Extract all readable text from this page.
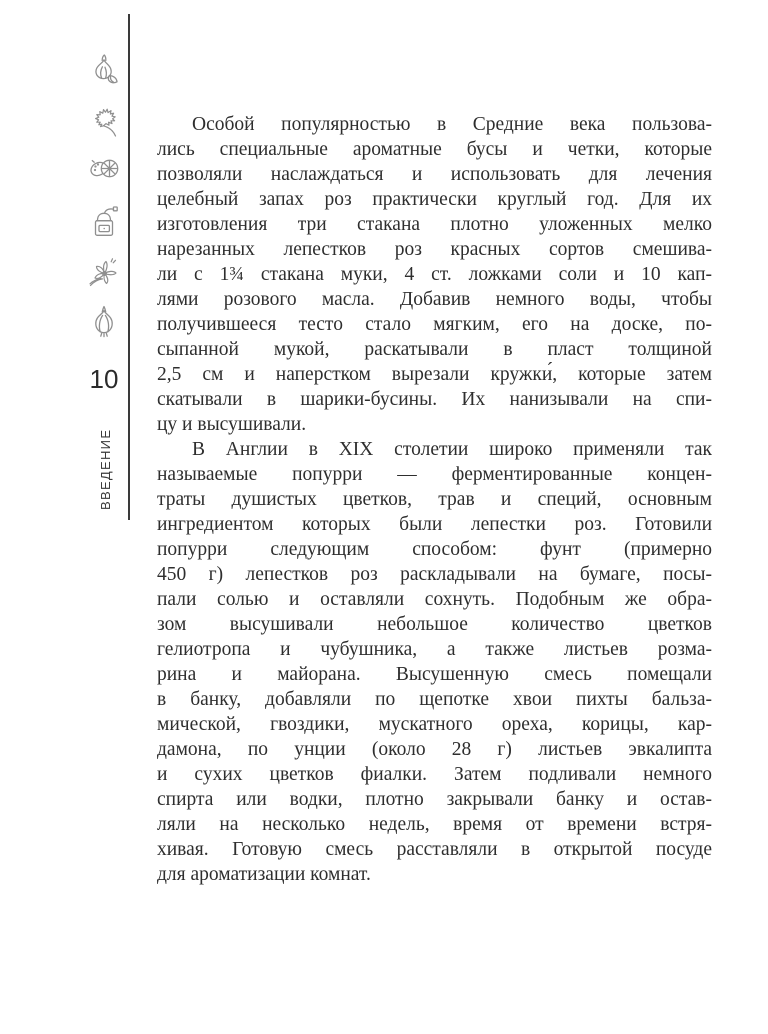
10
ВВЕДЕНИЕ
Особой популярностью в Средние века пользова-
лись специальные ароматные бусы и четки, которые
позволяли наслаждаться и использовать для лечения
целебный запах роз практически круглый год. Для их
изготовления три стакана плотно уложенных мелко
нарезанных лепестков роз красных сортов смешива-
ли с 1¾ стакана муки, 4 ст. ложками соли и 10 кап-
лями розового масла. Добавив немного воды, чтобы
получившееся тесто стало мягким, его на доске, по-
сыпанной мукой, раскатывали в пласт толщиной
2,5 см и наперстком вырезали кружки́, которые затем
скатывали в шарики-бусины. Их нанизывали на спи-
цу и высушивали.
В Англии в XIX столетии широко применяли так
называемые попурри — ферментированные концен-
траты душистых цветков, трав и специй, основным
ингредиентом которых были лепестки роз. Готовили
попурри следующим способом: фунт (примерно
450 г) лепестков роз раскладывали на бумаге, посы-
пали солью и оставляли сохнуть. Подобным же обра-
зом высушивали небольшое количество цветков
гелиотропа и чубушника, а также листьев розма-
рина и майорана. Высушенную смесь помещали
в банку, добавляли по щепотке хвои пихты бальза-
мической, гвоздики, мускатного ореха, корицы, кар-
дамона, по унции (около 28 г) листьев эвкалипта
и сухих цветков фиалки. Затем подливали немного
спирта или водки, плотно закрывали банку и остав-
ляли на несколько недель, время от времени встря-
хивая. Готовую смесь расставляли в открытой посуде
для ароматизации комнат.
